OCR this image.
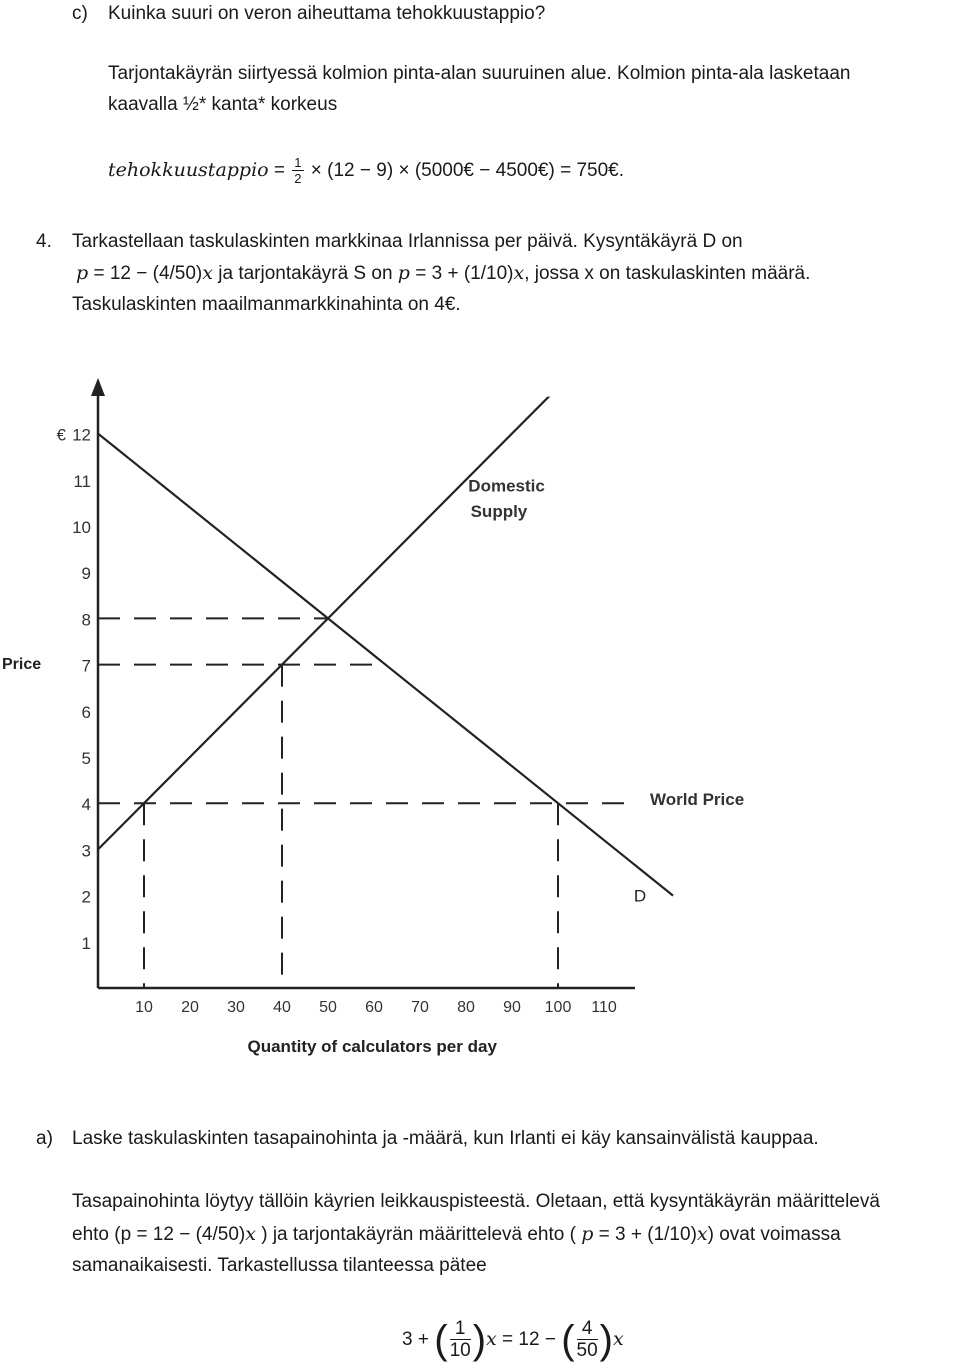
c) Kuinka suuri on veron aiheuttama tehokkuustappio?
Tarjontakäyrän siirtyessä kolmion pinta-alan suuruinen alue. Kolmion pinta-ala lasketaan
kaavalla ½* kanta* korkeus
tehokkuustappio = $\frac{1}{2} \times (12 - 9)$ × (5000€ − 4500€) = 750€.
4. Tarkastellaan taskulaskinten markkinaa Irlannissa per päivä. Kysyntäkäyrä D on
p = 12 − (4/50)x ja tarjontakäyrä S on p = 3 + (1/10)x, jossa x on taskulaskinten määrä.
Taskulaskinten maailmanmarkkinahinta on 4€.
1
2
3
4
5
6
7
8
9
10
11
12
€
10 20 30 40 50 60 70 80 90 100 110
Price
Quantity of calculators per day
Domestic
Supply
World Price
D
a) Laske taskulaskinten tasapainohinta ja -määrä, kun Irlanti ei käy kansainvälistä kauppaa.
Tasapainohinta löytyy tällöin käyrien leikkauspisteestä. Oletaan, että kysyntäkäyrän määrittelevä
ehto (p = 12 − (4/50)x ) ja tarjontakäyrän määrittelevä ehto ( p = 3 + (1/10)x) ovat voimassa
samanaikaisesti. Tarkastellussa tilanteessa pätee
3 + ( $\frac{1}{10} )x = 12$ − ( $\frac{4}{50} )x$
